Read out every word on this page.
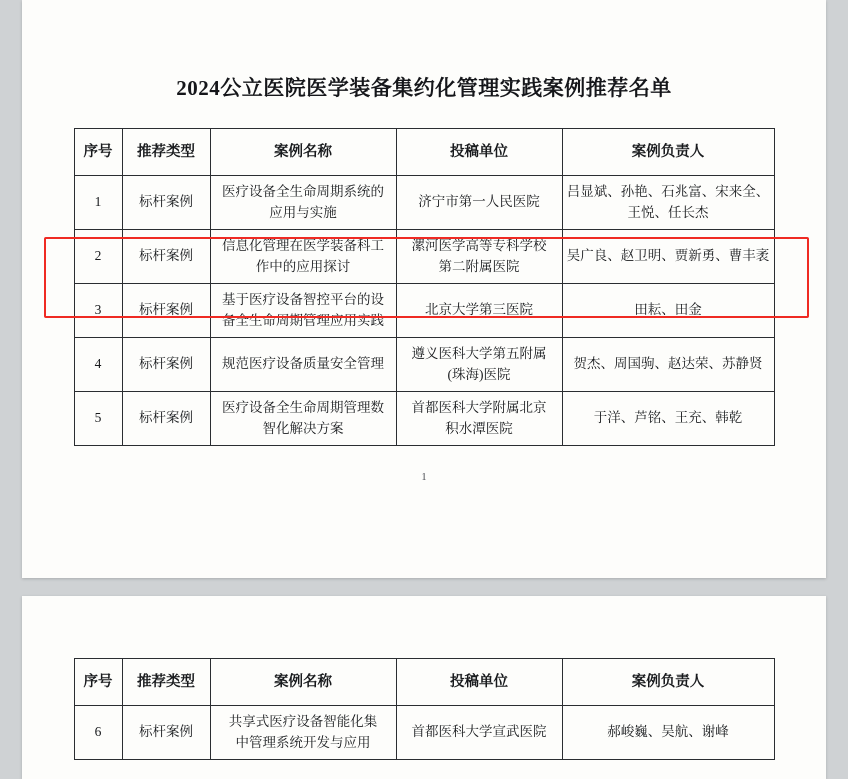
2024公立医院医学装备集约化管理实践案例推荐名单
序号	推荐类型	案例名称	投稿单位	案例负责人
1	标杆案例	医疗设备全生命周期系统的
应用与实施	济宁市第一人民医院	吕显斌、孙艳、石兆富、宋来全、
王悦、任长杰

2	标杆案例	信息化管理在医学装备科工
作中的应用探讨	漯河医学高等专科学校
第二附属医院	吴广良、赵卫明、贾新勇、曹丰袤

3	标杆案例	基于医疗设备智控平台的设
备全生命周期管理应用实践	北京大学第三医院	田耘、田金

4	标杆案例	规范医疗设备质量安全管理	遵义医科大学第五附属
(珠海)医院	贺杰、周国驹、赵达荣、苏静贤

5	标杆案例	医疗设备全生命周期管理数
智化解决方案	首都医科大学附属北京
积水潭医院	于洋、芦铭、王充、韩乾
1
序号	推荐类型	案例名称	投稿单位	案例负责人
6	标杆案例	共享式医疗设备智能化集
中管理系统开发与应用	首都医科大学宣武医院	郝峻巍、吴航、谢峰
